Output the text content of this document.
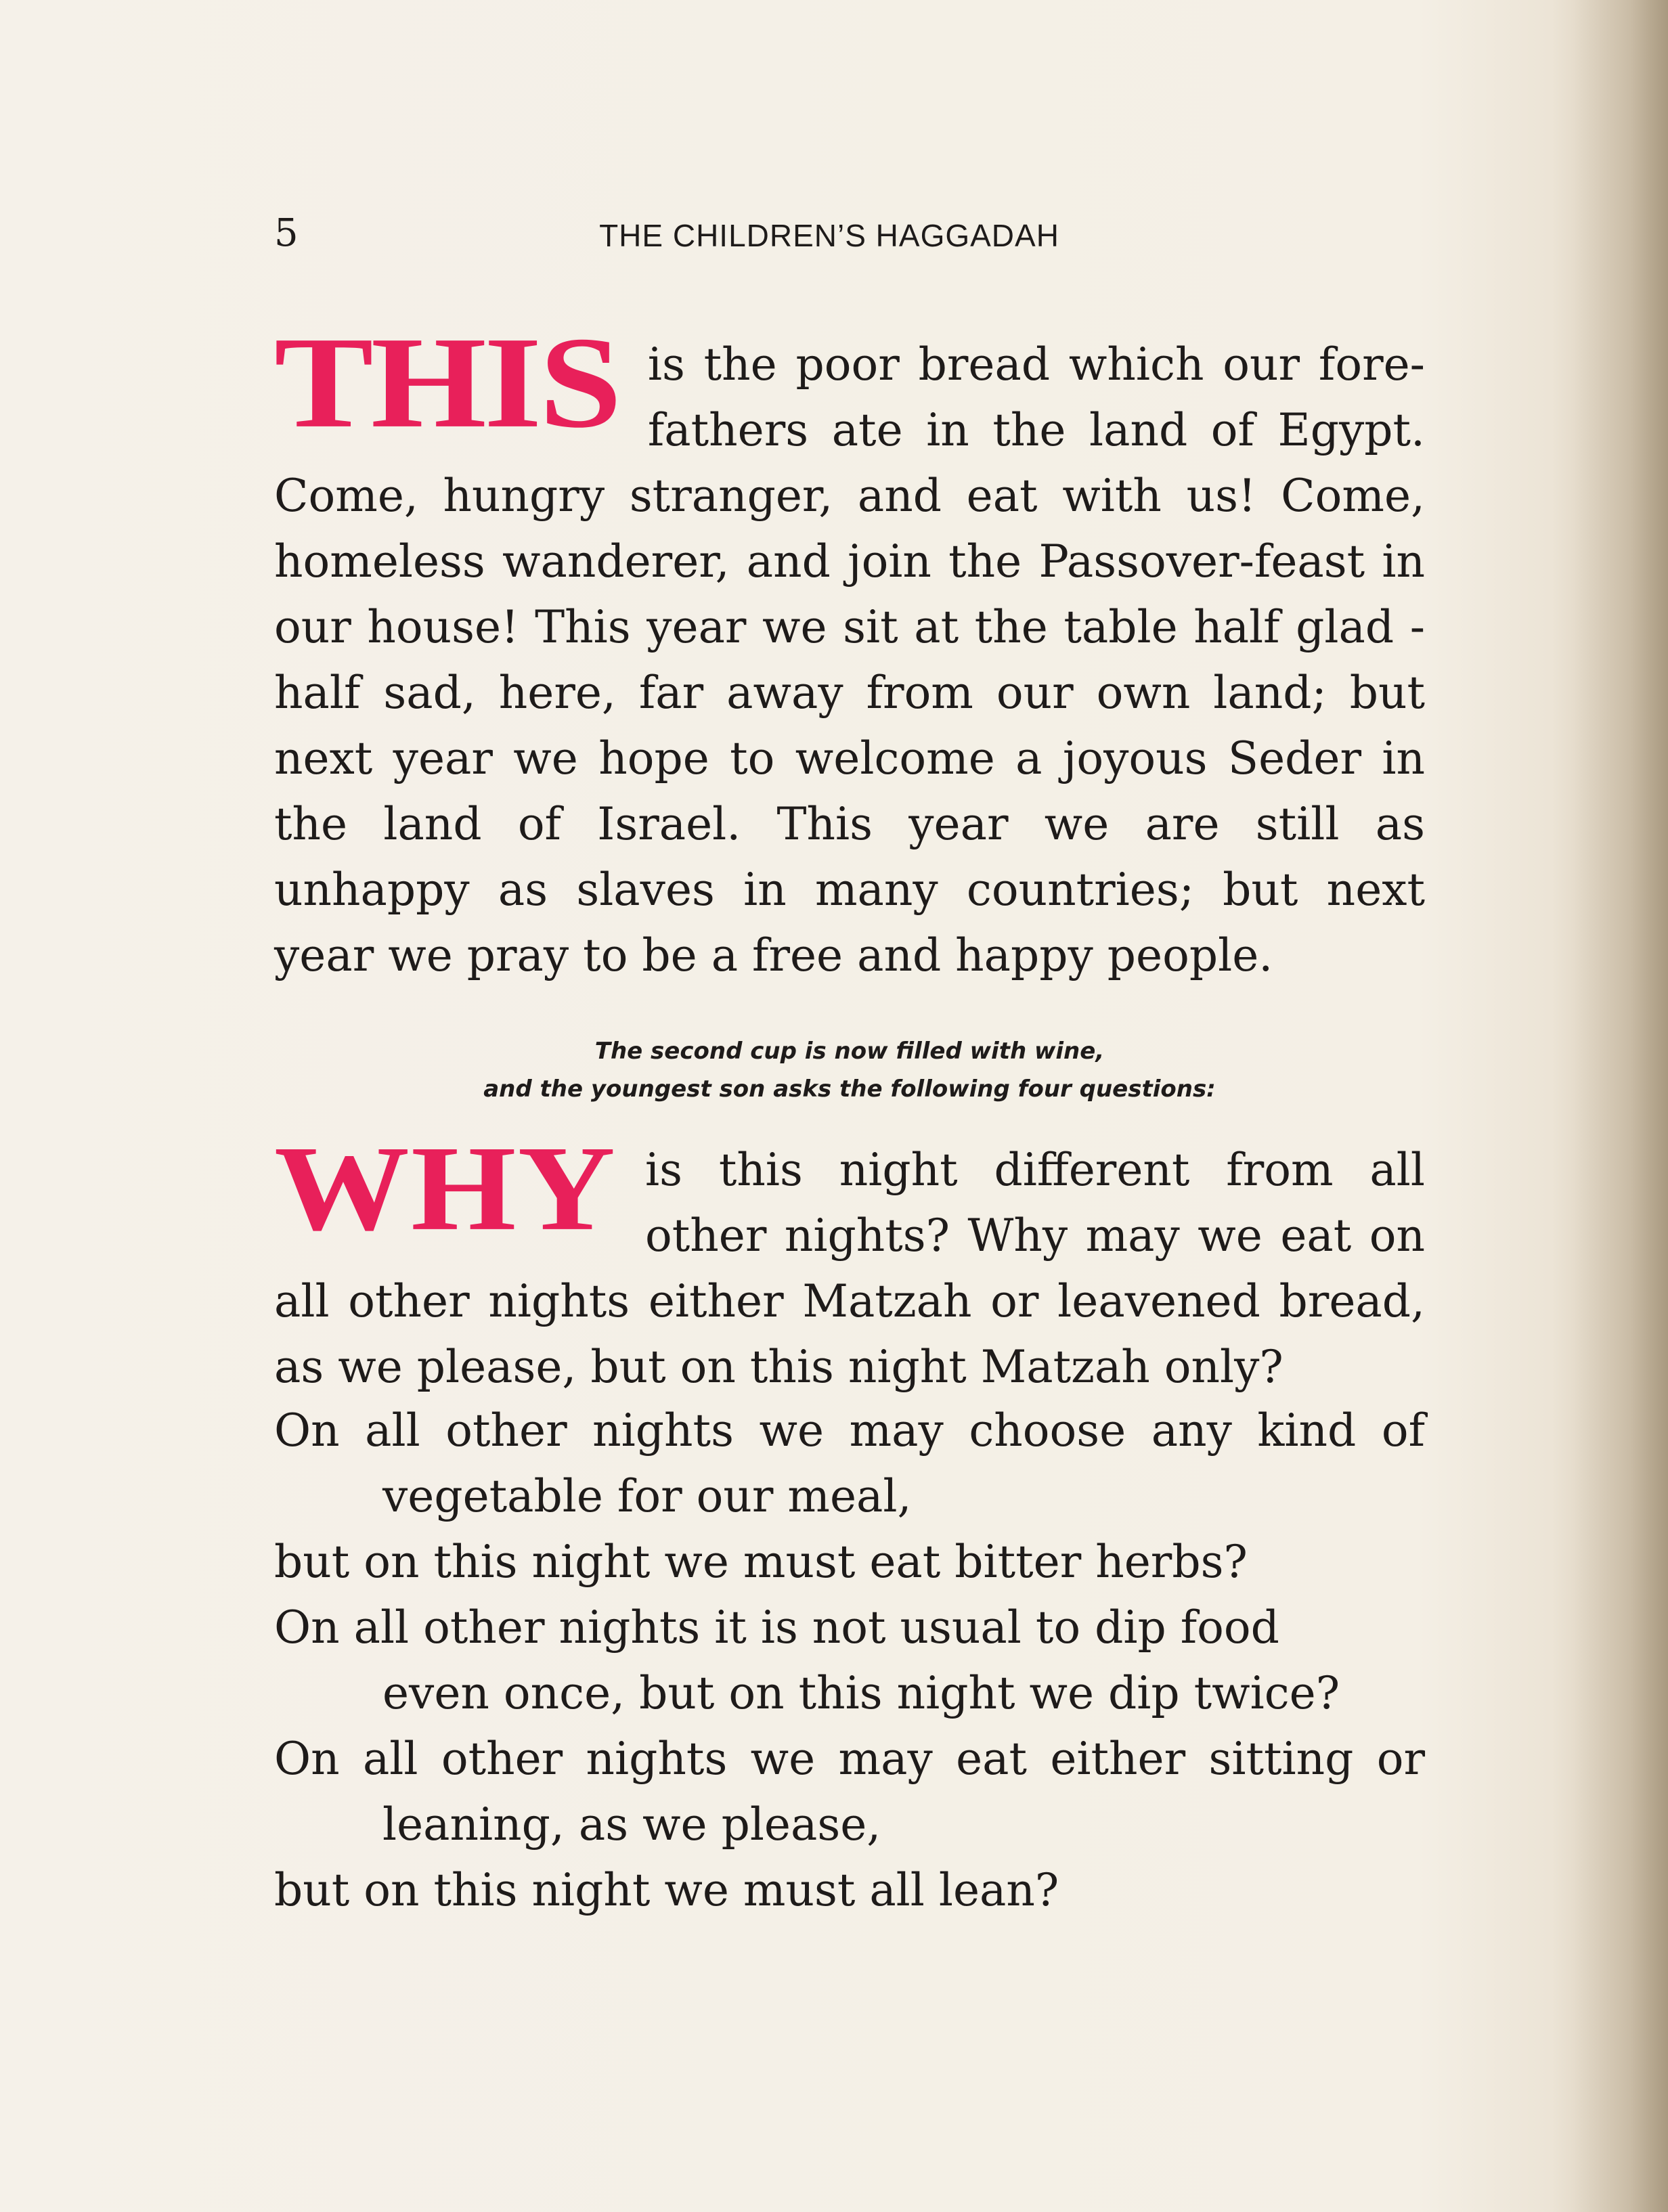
5	THE CHILDREN’S HAGGADAH
THIS is the poor bread which our fore-fathers ate in the land of Egypt. Come, hungry stranger, and eat with us! Come, homeless wanderer, and join the Passover-feast in our house! This year we sit at the table half glad - half sad, here, far away from our own land; but next year we hope to welcome a joyous Seder in the land of Israel. This year we are still as unhappy as slaves in many countries; but next year we pray to be a free and happy people.

The second cup is now filled with wine,
and the youngest son asks the following four questions:
WHY is this night different from all other nights? Why may we eat on all other nights either Matzah or leavened bread, as we please, but on this night Matzah only?

On all other nights we may choose any kind of
vegetable for our meal,
but on this night we must eat bitter herbs?
On all other nights it is not usual to dip food
even once, but on this night we dip twice?
On all other nights we may eat either sitting or
leaning, as we please,
but on this night we must all lean?
